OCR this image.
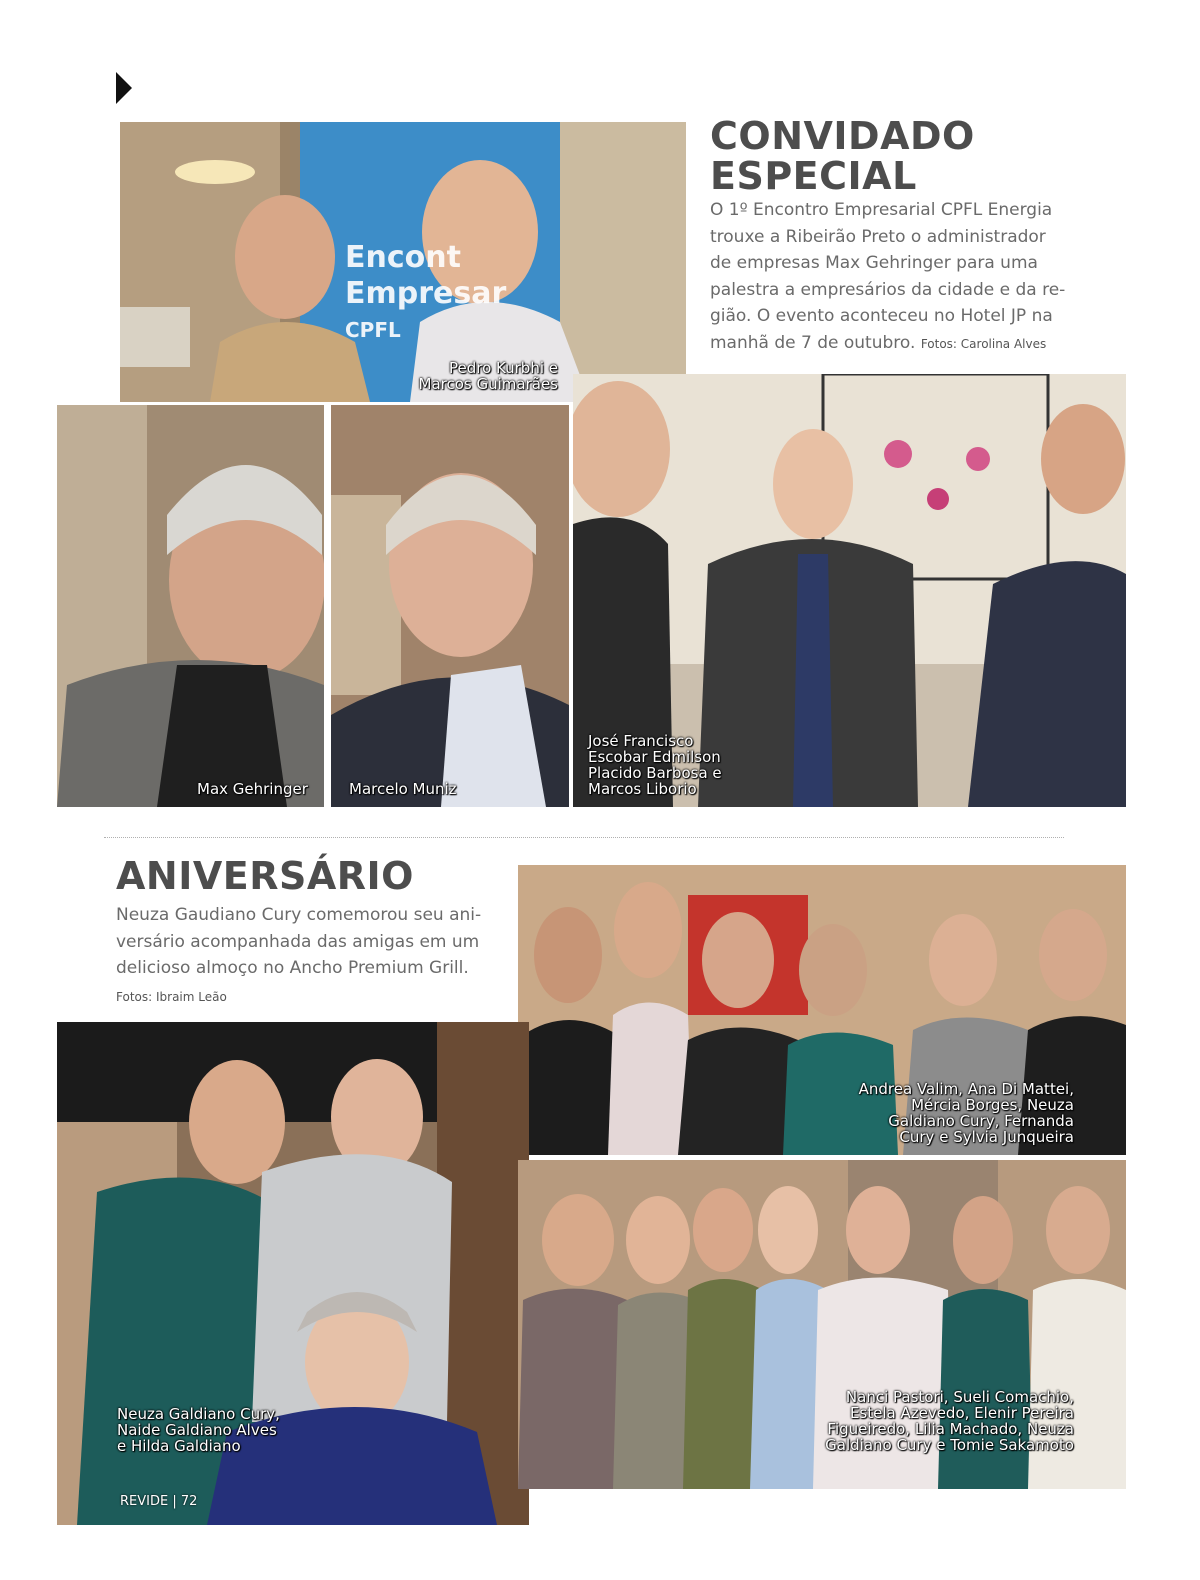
Encont
Empresar
CPFL
Pedro Kurbhi e
Marcos Guimarães
CONVIDADO
ESPECIAL
O 1º Encontro Empresarial CPFL Energia trouxe a Ribeirão Preto o administrador de empresas Max Gehringer para uma palestra a empresários da cidade e da re-gião. O evento aconteceu no Hotel JP na manhã de 7 de outubro. Fotos: Carolina Alves
Max Gehringer	Marcelo Muniz
José Francisco
Escobar Edmilson
Placido Barbosa e
Marcos Liborio
ANIVERSÁRIO
Neuza Gaudiano Cury comemorou seu ani-versário acompanhada das amigas em um delicioso almoço no Ancho Premium Grill.
Fotos: Ibraim Leão
Andrea Valim, Ana Di Mattei,
Mércia Borges, Neuza
Galdiano Cury, Fernanda
Cury e Sylvia Junqueira
Neuza Galdiano Cury,
Naide Galdiano Alves
e Hilda Galdiano
REVIDE | 72
Nanci Pastori, Sueli Comachio,
Estela Azevedo, Elenir Pereira
Figueiredo, Lilia Machado, Neuza
Galdiano Cury e Tomie Sakamoto
